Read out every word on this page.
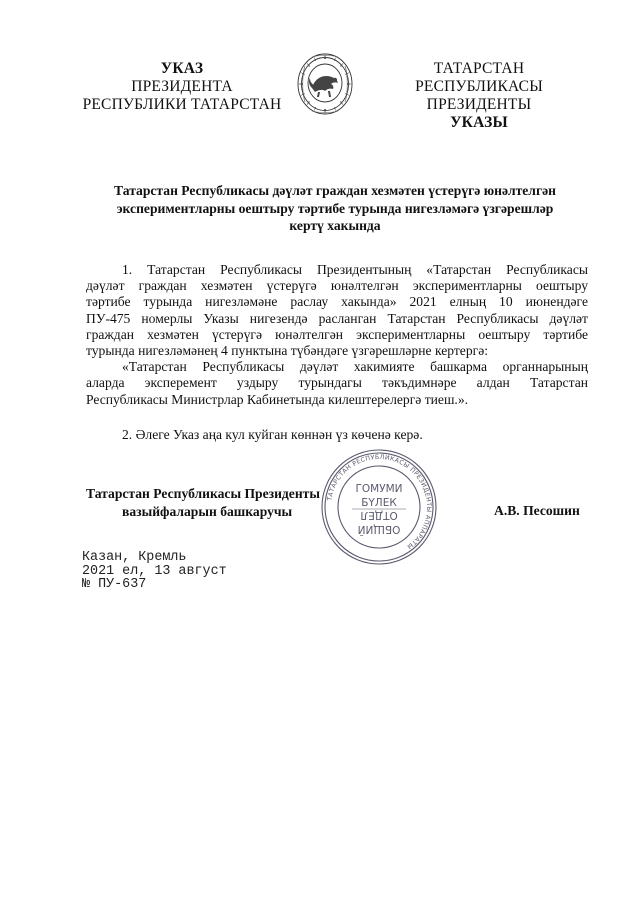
УКАЗ
ПРЕЗИДЕНТА
РЕСПУБЛИКИ ТАТАРСТАН
ТАТАРСТАН РЕСПУБЛИКАСЫ
ПРЕЗИДЕНТЫ
УКАЗЫ
Татарстан Республикасы дәүләт граждан хезмәтен үстерүгә юнәлтелгән
экспериментларны оештыру тәртибе турында нигезләмәгә үзгәрешләр
кертү хакында
1. Татарстан Республикасы Президентының «Татарстан Республикасы
дәүләт граждан хезмәтен үстерүгә юнәлтелгән экспериментларны оештыру
тәртибе турында нигезләмәне раслау хакында» 2021 елның 10 июнендәге
ПУ-475 номерлы Указы нигезендә расланган Татарстан Республикасы дәүләт
граждан хезмәтен үстерүгә юнәлтелгән экспериментларны оештыру тәртибе
турында нигезләмәнең 4 пунктына түбәндәге үзгәрешләрне кертергә:
«Татарстан Республикасы дәүләт хакимияте башкарма органнарының
аларда эксперемент уздыру турындагы тәкъдимнәре алдан Татарстан
Республикасы Министрлар Кабинетында килештерелергә тиеш.».
2. Әлеге Указ аңа кул куйган көннән үз көченә керә.
ТАТАРСТАН РЕСПУБЛИКАСЫ ПРЕЗИДЕНТЫ АППАРАТЫ
ГОМУМИ
БҮЛЕК
ОТДЕЛ
ОБЩИЙ
Татарстан Республикасы Президенты
вазыйфаларын башкаручы	А.В. Песошин
Казан, Кремль
2021 ел, 13 август
№ ПУ-637
